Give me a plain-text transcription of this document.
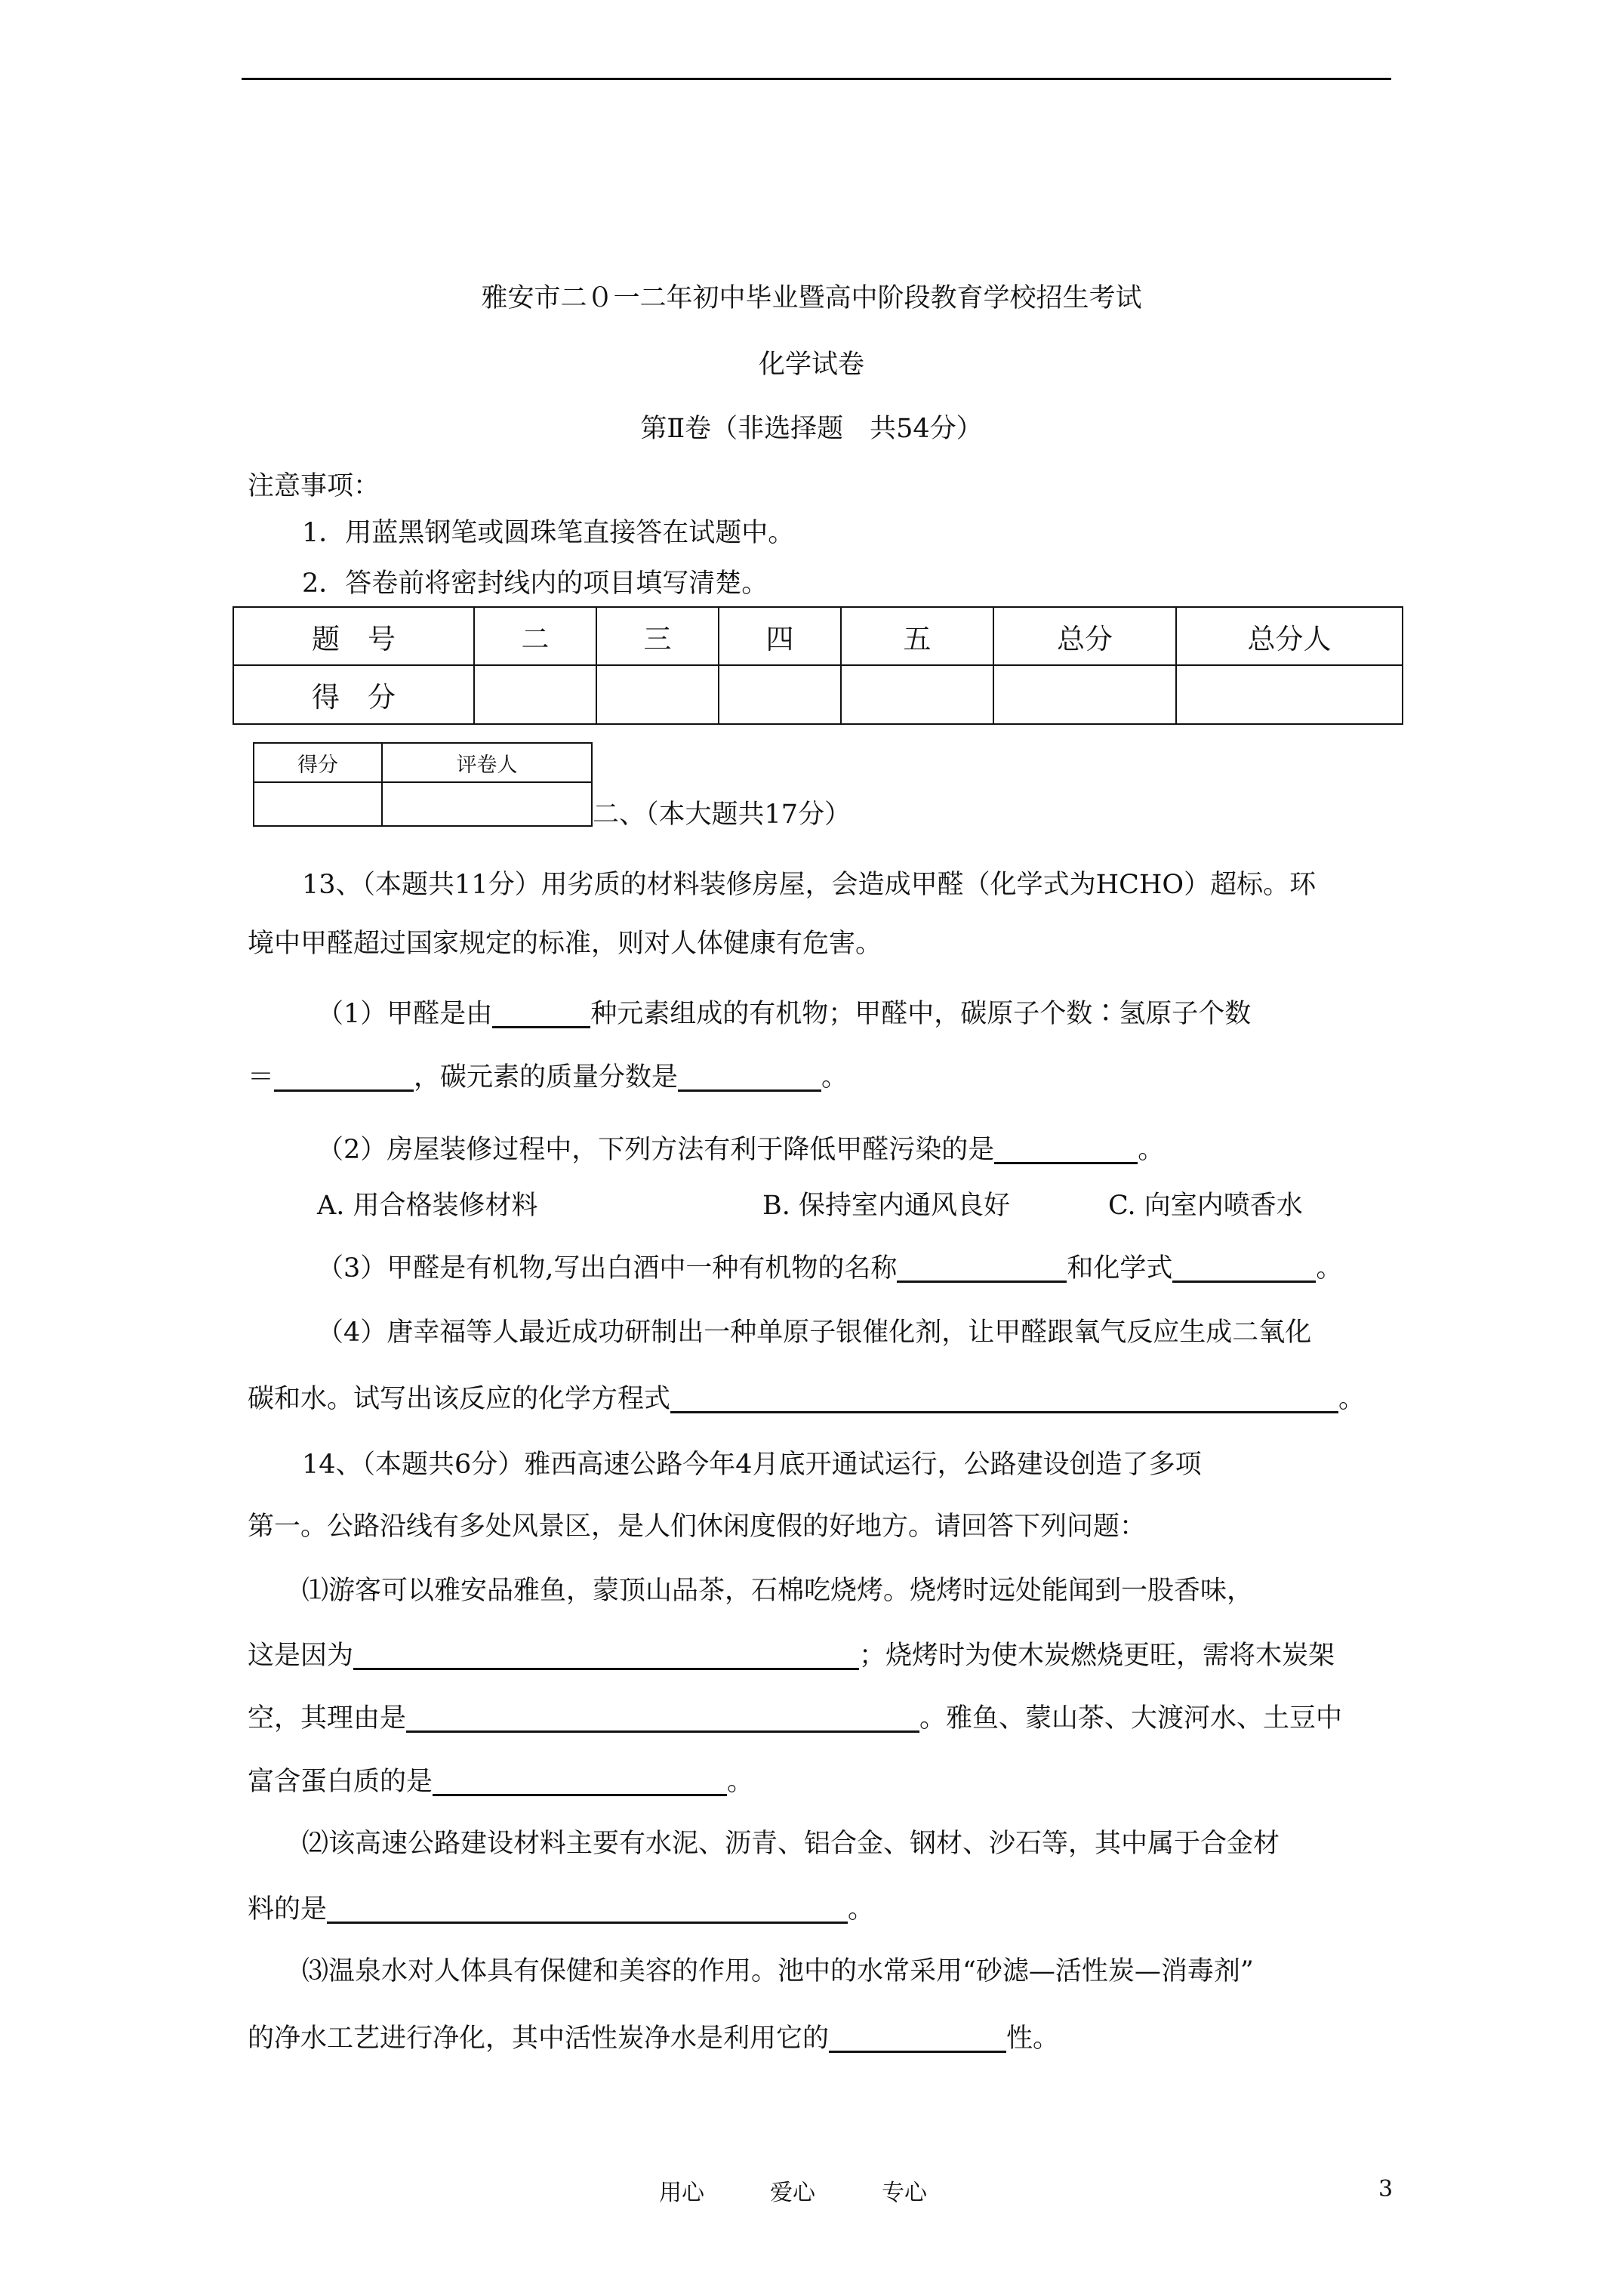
雅安市二０一二年初中毕业暨高中阶段教育学校招生考试
化学试卷
第Ⅱ卷（非选择题　共54分）
注意事项：
1．用蓝黑钢笔或圆珠笔直接答在试题中。
2．答卷前将密封线内的项目填写清楚。
题　号	二	三	四	五	总分	总分人
得　分						
得分	评卷人

二、（本大题共17分）
13、（本题共11分）用劣质的材料装修房屋，会造成甲醛（化学式为HCHO）超标。环
境中甲醛超过国家规定的标准，则对人体健康有危害。
（1）甲醛是由	种元素组成的有机物；甲醛中，碳原子个数∶氢原子个数
＝	，碳元素的质量分数是	。
（2）房屋装修过程中，下列方法有利于降低甲醛污染的是	。
A. 用合格装修材料	B. 保持室内通风良好	C. 向室内喷香水
（3）甲醛是有机物,写出白酒中一种有机物的名称	和化学式	。
（4）唐幸福等人最近成功研制出一种单原子银催化剂，让甲醛跟氧气反应生成二氧化
碳和水。试写出该反应的化学方程式	。
14、（本题共6分）雅西高速公路今年4月底开通试运行，公路建设创造了多项
第一。公路沿线有多处风景区，是人们休闲度假的好地方。请回答下列问题：
⑴游客可以雅安品雅鱼，蒙顶山品茶，石棉吃烧烤。烧烤时远处能闻到一股香味，
这是因为	；烧烤时为使木炭燃烧更旺，需将木炭架
空，其理由是	。雅鱼、蒙山茶、大渡河水、土豆中
富含蛋白质的是	。
⑵该高速公路建设材料主要有水泥、沥青、铝合金、钢材、沙石等，其中属于合金材
料的是	。
⑶温泉水对人体具有保健和美容的作用。池中的水常采用“砂滤—活性炭—消毒剂”
的净水工艺进行净化，其中活性炭净水是利用它的	性。
用心	爱心	专心	3
